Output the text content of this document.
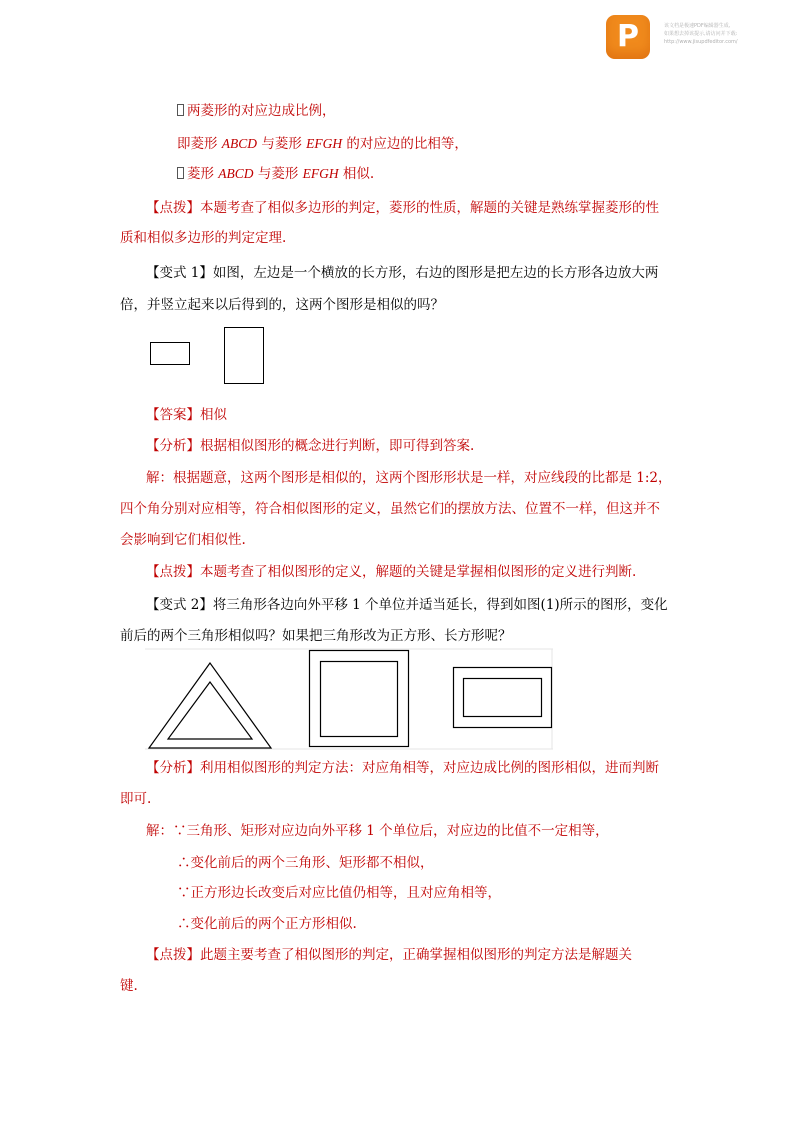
P	该文档是极速PDF编辑器生成,
如果想去掉该提示,请访问并下载:
http://www.jisupdfeditor.com/
两菱形的对应边成比例，
即菱形 ABCD 与菱形 EFGH 的对应边的比相等，
菱形 ABCD 与菱形 EFGH 相似.
【点拨】本题考查了相似多边形的判定，菱形的性质，解题的关键是熟练掌握菱形的性
质和相似多边形的判定定理.
【变式 1】如图，左边是一个横放的长方形，右边的图形是把左边的长方形各边放大两
倍，并竖立起来以后得到的，这两个图形是相似的吗？
【答案】相似
【分析】根据相似图形的概念进行判断，即可得到答案.
解：根据题意，这两个图形是相似的，这两个图形形状是一样，对应线段的比都是 1:2，
四个角分别对应相等，符合相似图形的定义，虽然它们的摆放方法、位置不一样，但这并不
会影响到它们相似性.
【点拨】本题考查了相似图形的定义，解题的关键是掌握相似图形的定义进行判断.
【变式 2】将三角形各边向外平移 1 个单位并适当延长，得到如图(1)所示的图形，变化
前后的两个三角形相似吗？如果把三角形改为正方形、长方形呢？
【分析】利用相似图形的判定方法：对应角相等，对应边成比例的图形相似，进而判断
即可.
解：∵三角形、矩形对应边向外平移 1 个单位后，对应边的比值不一定相等，
∴变化前后的两个三角形、矩形都不相似，
∵正方形边长改变后对应比值仍相等，且对应角相等，
∴变化前后的两个正方形相似.
【点拨】此题主要考查了相似图形的判定，正确掌握相似图形的判定方法是解题关
键.
